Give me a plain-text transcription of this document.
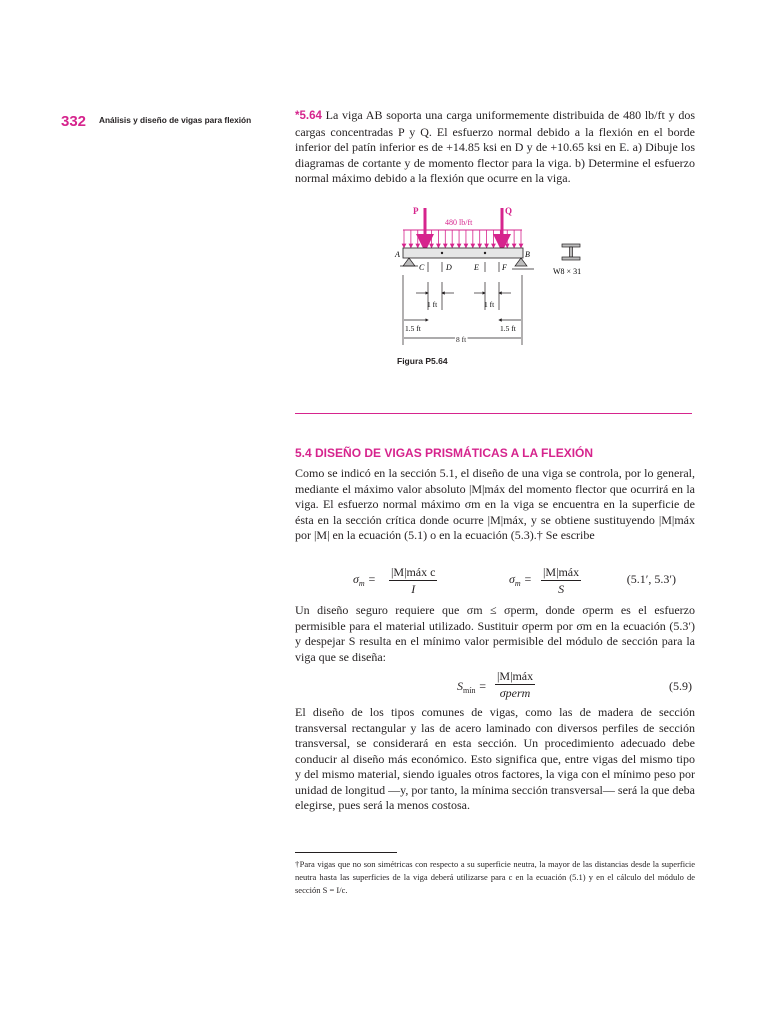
332 Análisis y diseño de vigas para flexión	*5.64 La viga AB soporta una carga uniformemente distribuida de 480 lb/ft y dos cargas concentradas P y Q. El esfuerzo normal debido a la flexión en el borde inferior del patín inferior es de +14.85 ksi en D y de +10.65 ksi en E. a) Dibuje los diagramas de cortante y de momento flector para la viga. b) Determine el esfuerzo normal máximo debido a la flexión que ocurre en la viga.
P	Q
480 lb/ft
A	B
C	D	E	F	W8 × 31
1 ft	1 ft
1.5 ft	1.5 ft
8 ft
Figura P5.64
5.4 DISEÑO DE VIGAS PRISMÁTICAS A LA FLEXIÓN
Como se indicó en la sección 5.1, el diseño de una viga se controla, por lo general, mediante el máximo valor absoluto |M|máx del momento flector que ocurrirá en la viga. El esfuerzo normal máximo σm en la viga se encuentra en la superficie de ésta en la sección crítica donde ocurre |M|máx, y se obtiene sustituyendo |M|máx por |M| en la ecuación (5.1) o en la ecuación (5.3).† Se escribe
$\sigma_m$ = |M|máx c
I
$\sigma_m$ = |M|máx
S
(5.1′, 5.3′)
Un diseño seguro requiere que σm ≤ σperm, donde σperm es el esfuerzo permisible para el material utilizado. Sustituir σperm por σm en la ecuación (5.3′) y despejar S resulta en el mínimo valor permisible del módulo de sección para la viga que se diseña:
$S_{mín}$ =
|M|máx
σperm	(5.9)
El diseño de los tipos comunes de vigas, como las de madera de sección transversal rectangular y las de acero laminado con diversos perfiles de sección transversal, se considerará en esta sección. Un procedimiento adecuado debe conducir al diseño más económico. Esto significa que, entre vigas del mismo tipo y del mismo material, siendo iguales otros factores, la viga con el mínimo peso por unidad de longitud —y, por tanto, la mínima sección transversal— será la que deba elegirse, pues será la menos costosa.
†Para vigas que no son simétricas con respecto a su superficie neutra, la mayor de las distancias desde la superficie neutra hasta las superficies de la viga deberá utilizarse para c en la ecuación (5.1) y en el cálculo del módulo de sección S = I/c.
